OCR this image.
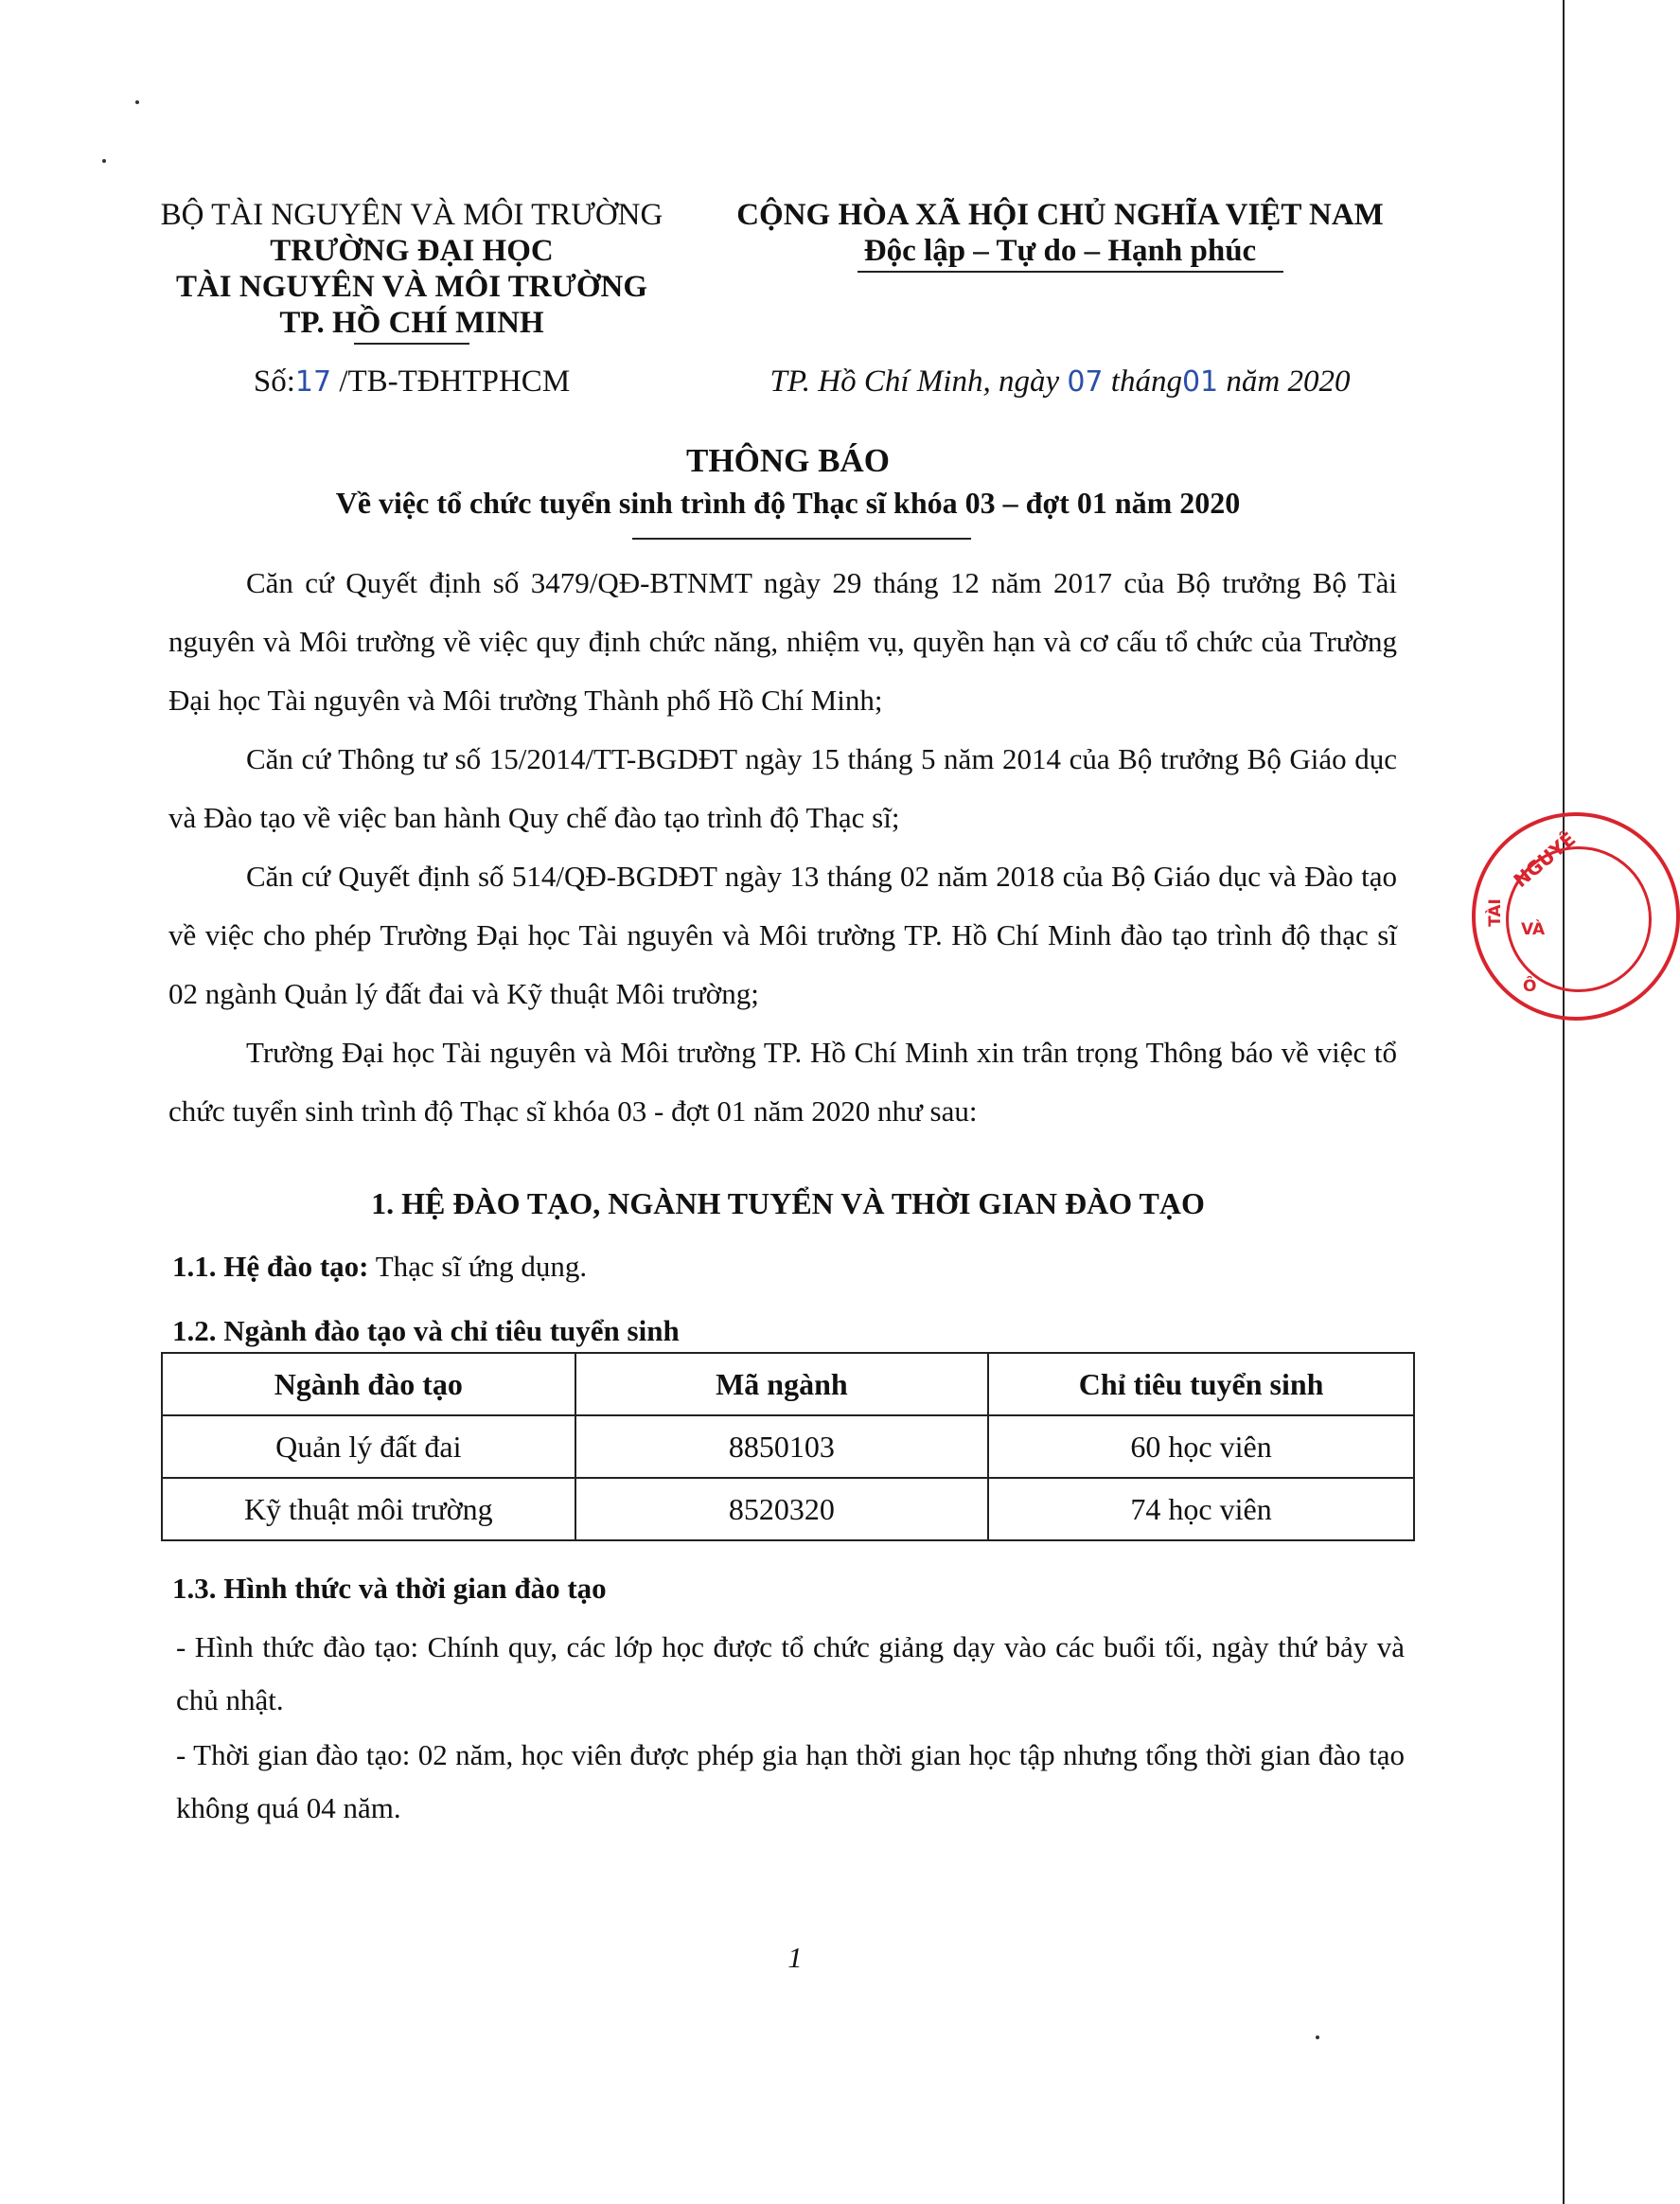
BỘ TÀI NGUYÊN VÀ MÔI TRƯỜNG
TRƯỜNG ĐẠI HỌC
TÀI NGUYÊN VÀ MÔI TRƯỜNG
TP. HỒ CHÍ MINH
Số:17 /TB-TĐHTPHCM
CỘNG HÒA XÃ HỘI CHỦ NGHĨA VIỆT NAM
Độc lập – Tự do – Hạnh phúc
TP. Hồ Chí Minh, ngày 07 tháng01 năm 2020
THÔNG BÁO
Về việc tổ chức tuyển sinh trình độ Thạc sĩ khóa 03 – đợt 01 năm 2020
Căn cứ Quyết định số 3479/QĐ-BTNMT ngày 29 tháng 12 năm 2017 của Bộ trưởng Bộ Tài nguyên và Môi trường về việc quy định chức năng, nhiệm vụ, quyền hạn và cơ cấu tổ chức của Trường Đại học Tài nguyên và Môi trường Thành phố Hồ Chí Minh;
Căn cứ Thông tư số 15/2014/TT-BGDĐT ngày 15 tháng 5 năm 2014 của Bộ trưởng Bộ Giáo dục và Đào tạo về việc ban hành Quy chế đào tạo trình độ Thạc sĩ;
Căn cứ Quyết định số 514/QĐ-BGDĐT ngày 13 tháng 02 năm 2018 của Bộ Giáo dục và Đào tạo về việc cho phép Trường Đại học Tài nguyên và Môi trường TP. Hồ Chí Minh đào tạo trình độ thạc sĩ 02 ngành Quản lý đất đai và Kỹ thuật Môi trường;
Trường Đại học Tài nguyên và Môi trường TP. Hồ Chí Minh xin trân trọng Thông báo về việc tổ chức tuyển sinh trình độ Thạc sĩ khóa 03 - đợt 01 năm 2020 như sau:
1. HỆ ĐÀO TẠO, NGÀNH TUYỂN VÀ THỜI GIAN ĐÀO TẠO
1.1. Hệ đào tạo: Thạc sĩ ứng dụng.
1.2. Ngành đào tạo và chỉ tiêu tuyển sinh
Ngành đào tạo	Mã ngành	Chỉ tiêu tuyển sinh
Quản lý đất đai	8850103	60 học viên
Kỹ thuật môi trường	8520320	74 học viên
1.3. Hình thức và thời gian đào tạo
- Hình thức đào tạo: Chính quy, các lớp học được tổ chức giảng dạy vào các buổi tối, ngày thứ bảy và chủ nhật.
- Thời gian đào tạo: 02 năm, học viên được phép gia hạn thời gian học tập nhưng tổng thời gian đào tạo không quá 04 năm.
1
NGUYÊ
TÀI
VÀ
Ô
